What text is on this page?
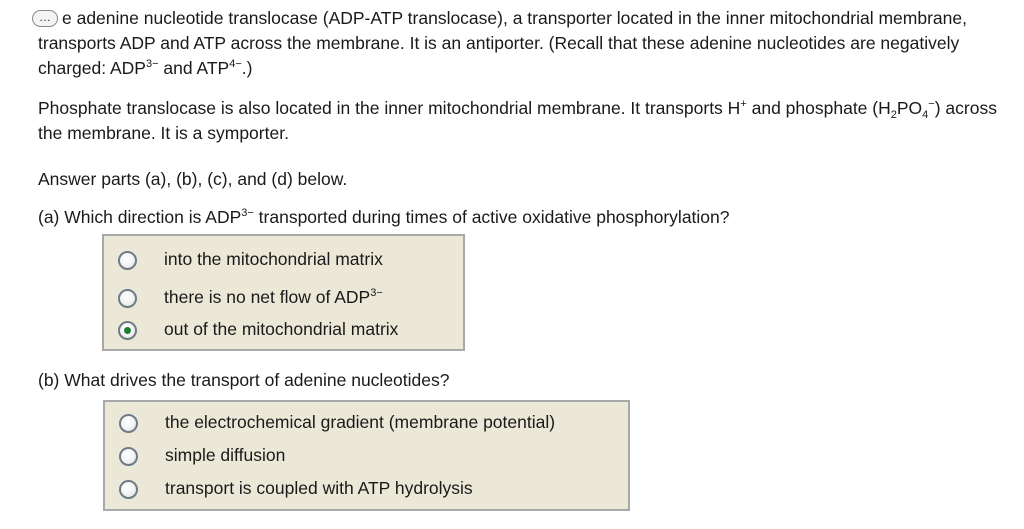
… e adenine nucleotide translocase (ADP-ATP translocase), a transporter located in the inner mitochondrial membrane, transports ADP and ATP across the membrane. It is an antiporter. (Recall that these adenine nucleotides are negatively charged: $ADP^{3-}$ and $ATP^{4-}$.)

Phosphate translocase is also located in the inner mitochondrial membrane. It transports H+ and phosphate $(H_2PO_4^-)$ across the membrane. It is a symporter.

Answer parts (a), (b), (c), and (d) below.

(a) Which direction is $ADP^{3-}$ transported during times of active oxidative phosphorylation?

into the mitochondrial matrix
there is no net flow of $ADP^{3-}$
out of the mitochondrial matrix

(b) What drives the transport of adenine nucleotides?

the electrochemical gradient (membrane potential)
simple diffusion
transport is coupled with ATP hydrolysis
